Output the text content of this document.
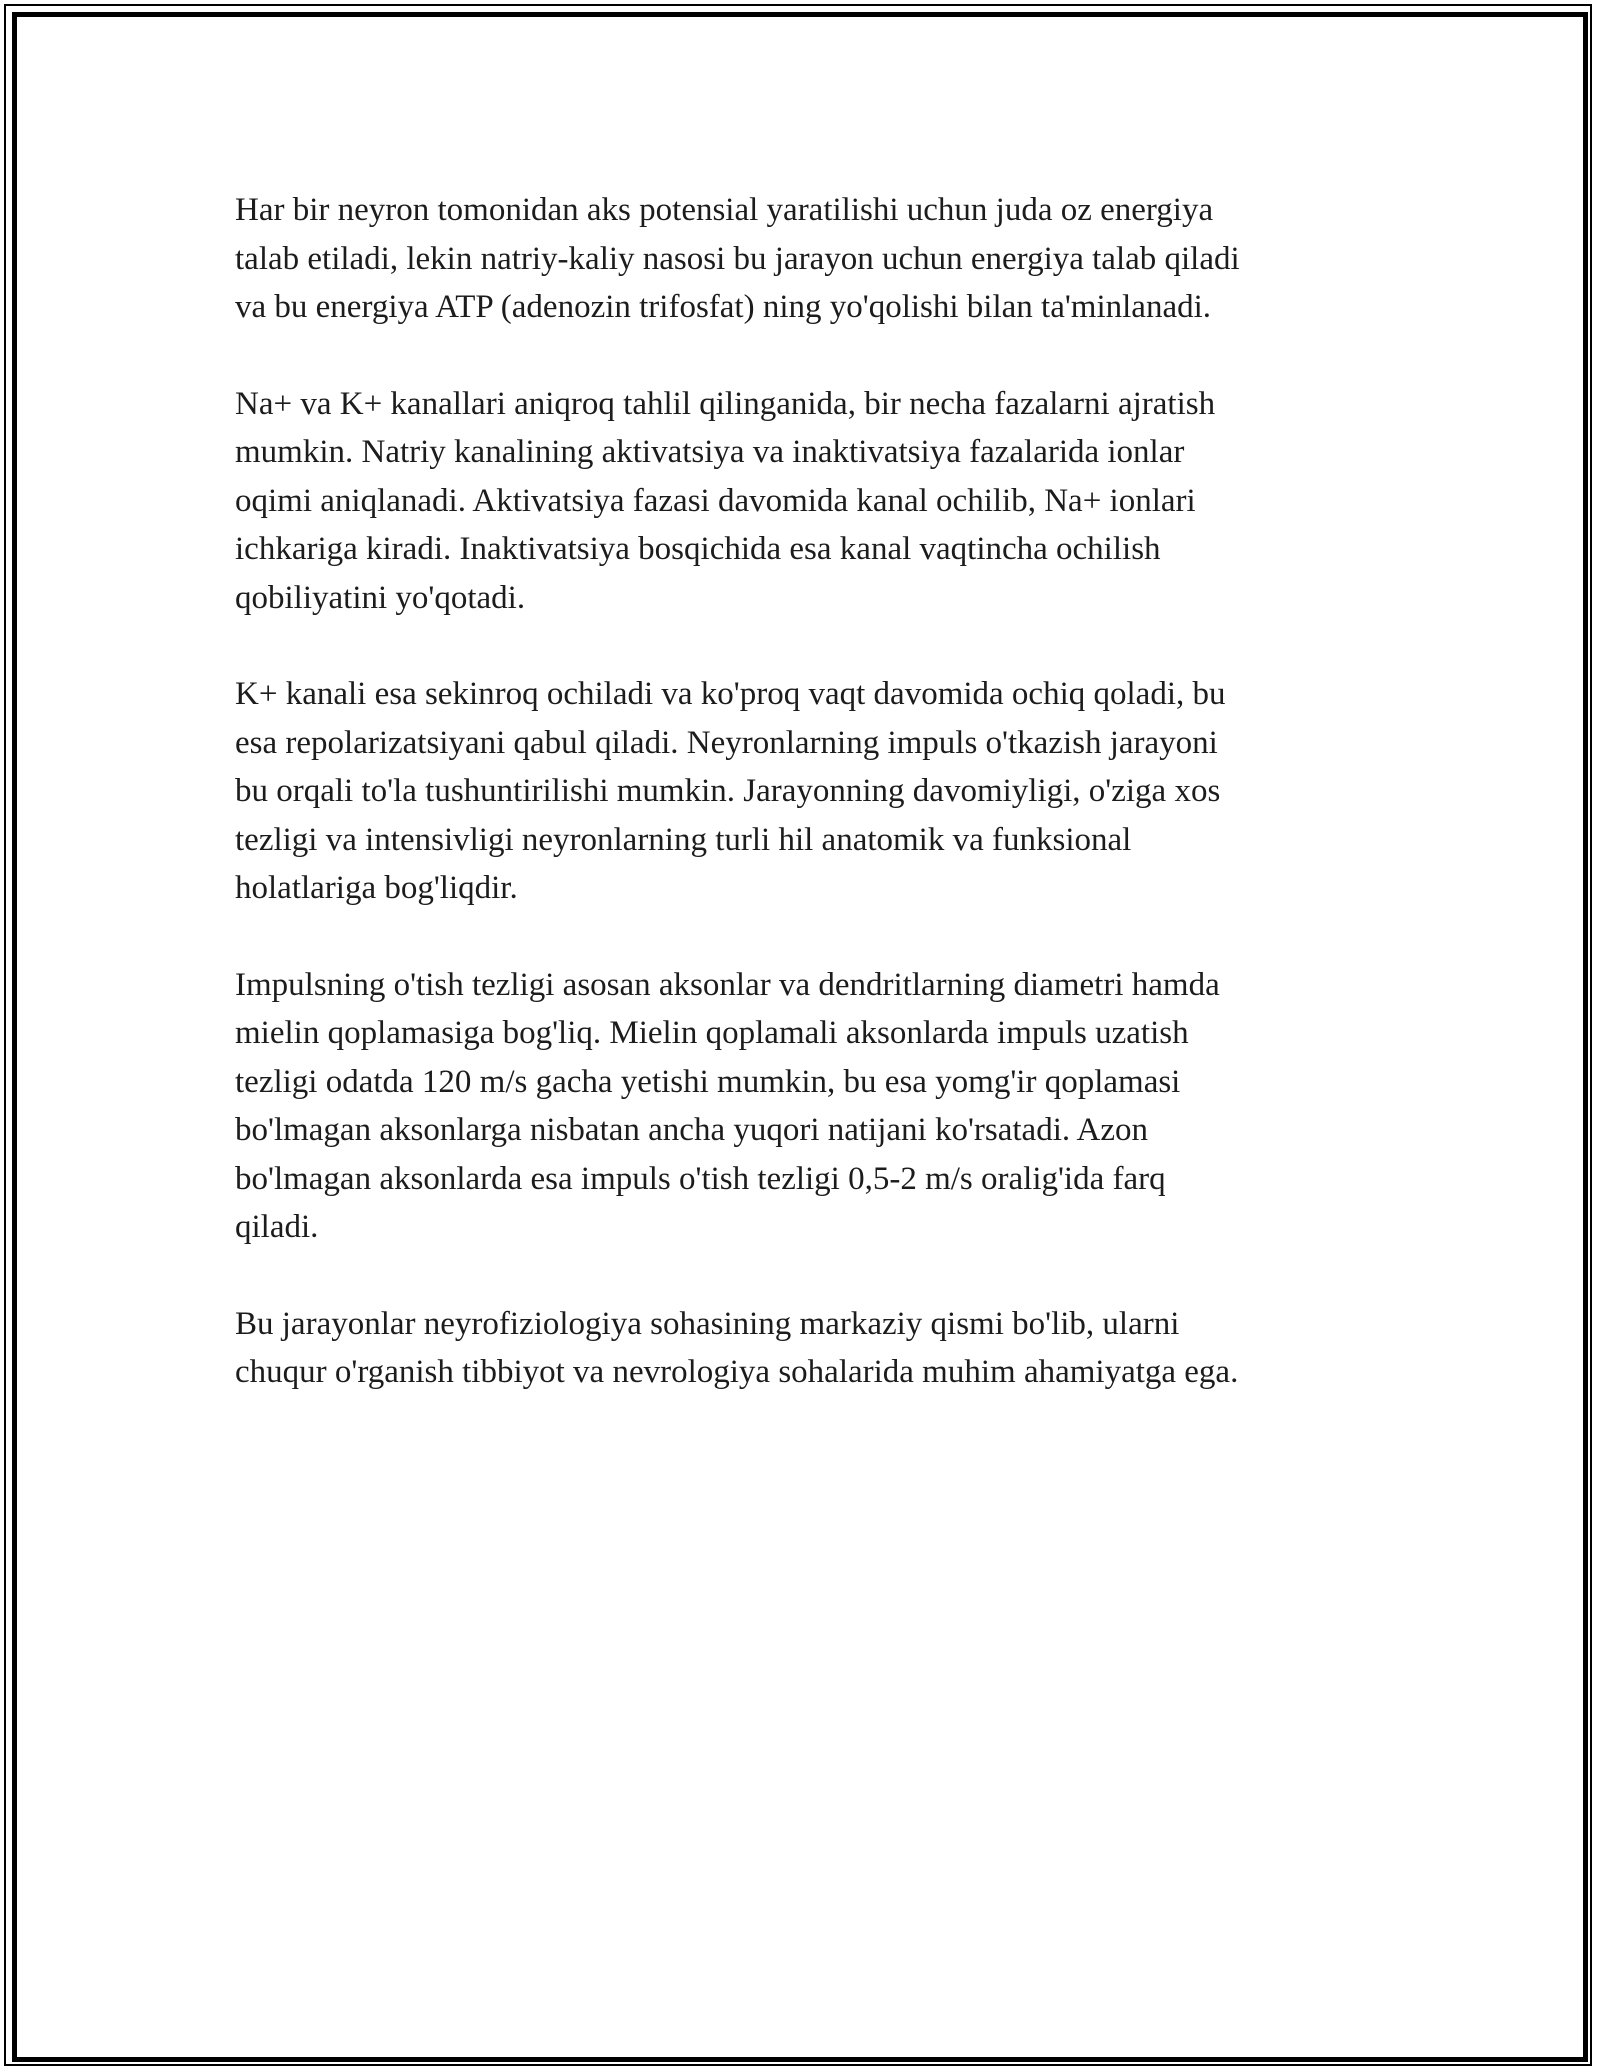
Har bir neyron tomonidan aks potensial yaratilishi uchun juda oz energiya
talab etiladi, lekin natriy-kaliy nasosi bu jarayon uchun energiya talab qiladi
va bu energiya ATP (adenozin trifosfat) ning yo'qolishi bilan ta'minlanadi.

Na+ va K+ kanallari aniqroq tahlil qilinganida, bir necha fazalarni ajratish
mumkin. Natriy kanalining aktivatsiya va inaktivatsiya fazalarida ionlar
oqimi aniqlanadi. Aktivatsiya fazasi davomida kanal ochilib, Na+ ionlari
ichkariga kiradi. Inaktivatsiya bosqichida esa kanal vaqtincha ochilish
qobiliyatini yo'qotadi.

K+ kanali esa sekinroq ochiladi va ko'proq vaqt davomida ochiq qoladi, bu
esa repolarizatsiyani qabul qiladi. Neyronlarning impuls o'tkazish jarayoni
bu orqali to'la tushuntirilishi mumkin. Jarayonning davomiyligi, o'ziga xos
tezligi va intensivligi neyronlarning turli hil anatomik va funksional
holatlariga bog'liqdir.

Impulsning o'tish tezligi asosan aksonlar va dendritlarning diametri hamda
mielin qoplamasiga bog'liq. Mielin qoplamali aksonlarda impuls uzatish
tezligi odatda 120 m/s gacha yetishi mumkin, bu esa yomg'ir qoplamasi
bo'lmagan aksonlarga nisbatan ancha yuqori natijani ko'rsatadi. Azon
bo'lmagan aksonlarda esa impuls o'tish tezligi 0,5-2 m/s oralig'ida farq
qiladi.

Bu jarayonlar neyrofiziologiya sohasining markaziy qismi bo'lib, ularni
chuqur o'rganish tibbiyot va nevrologiya sohalarida muhim ahamiyatga ega.
